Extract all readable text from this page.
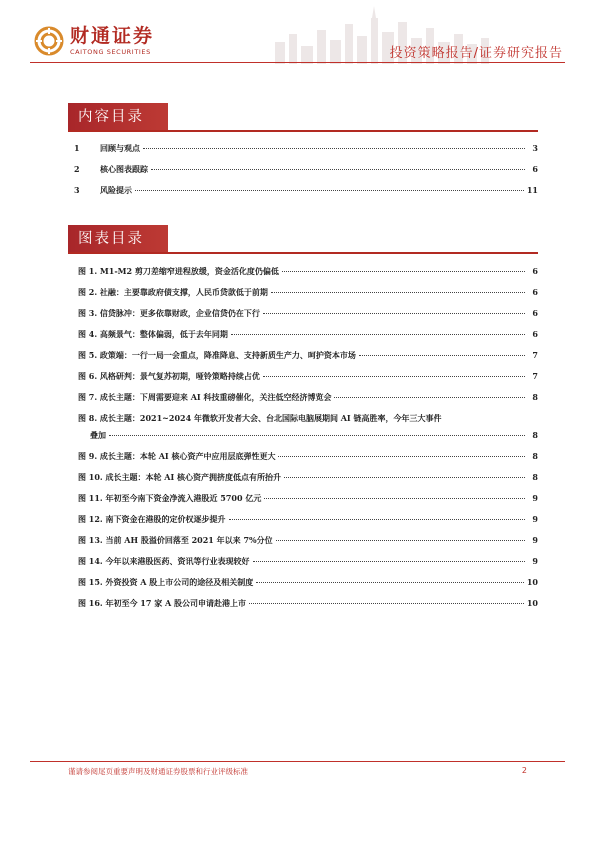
财通证券
CAITONG SECURITIES	投资策略报告/证券研究报告
内容目录
1	回顾与观点	3
2	核心图表跟踪	6
3	风险提示	11
图表目录
图 1. M1-M2 剪刀差缩窄进程放缓，资金活化度仍偏低	6
图 2. 社融：主要靠政府债支撑，人民币贷款低于前期	6
图 3. 信贷脉冲：更多依靠财政，企业信贷仍在下行	6
图 4. 高频景气：整体偏弱，低于去年同期	6
图 5. 政策端：一行一局一会重点，降准降息、支持新质生产力、呵护资本市场	7
图 6. 风格研判：景气复苏初期，哑铃策略持续占优	7
图 7. 成长主题：下周需要迎来 AI 科技重磅催化，关注低空经济博览会	8
图 8. 成长主题：2021~2024 年微软开发者大会、台北国际电脑展期间 AI 链高胜率，今年三大事件
叠加	8
图 9. 成长主题：本轮 AI 核心资产中应用层底弹性更大	8
图 10. 成长主题：本轮 AI 核心资产拥挤度低点有所抬升	8
图 11. 年初至今南下资金净流入港股近 5700 亿元	9
图 12. 南下资金在港股的定价权逐步提升	9
图 13. 当前 AH 股溢价回落至 2021 年以来 7%分位	9
图 14. 今年以来港股医药、资讯等行业表现较好	9
图 15. 外资投资 A 股上市公司的途径及相关制度	10
图 16. 年初至今 17 家 A 股公司申请赴港上市	10
谨请参阅尾页重要声明及财通证券股票和行业评级标准	2
